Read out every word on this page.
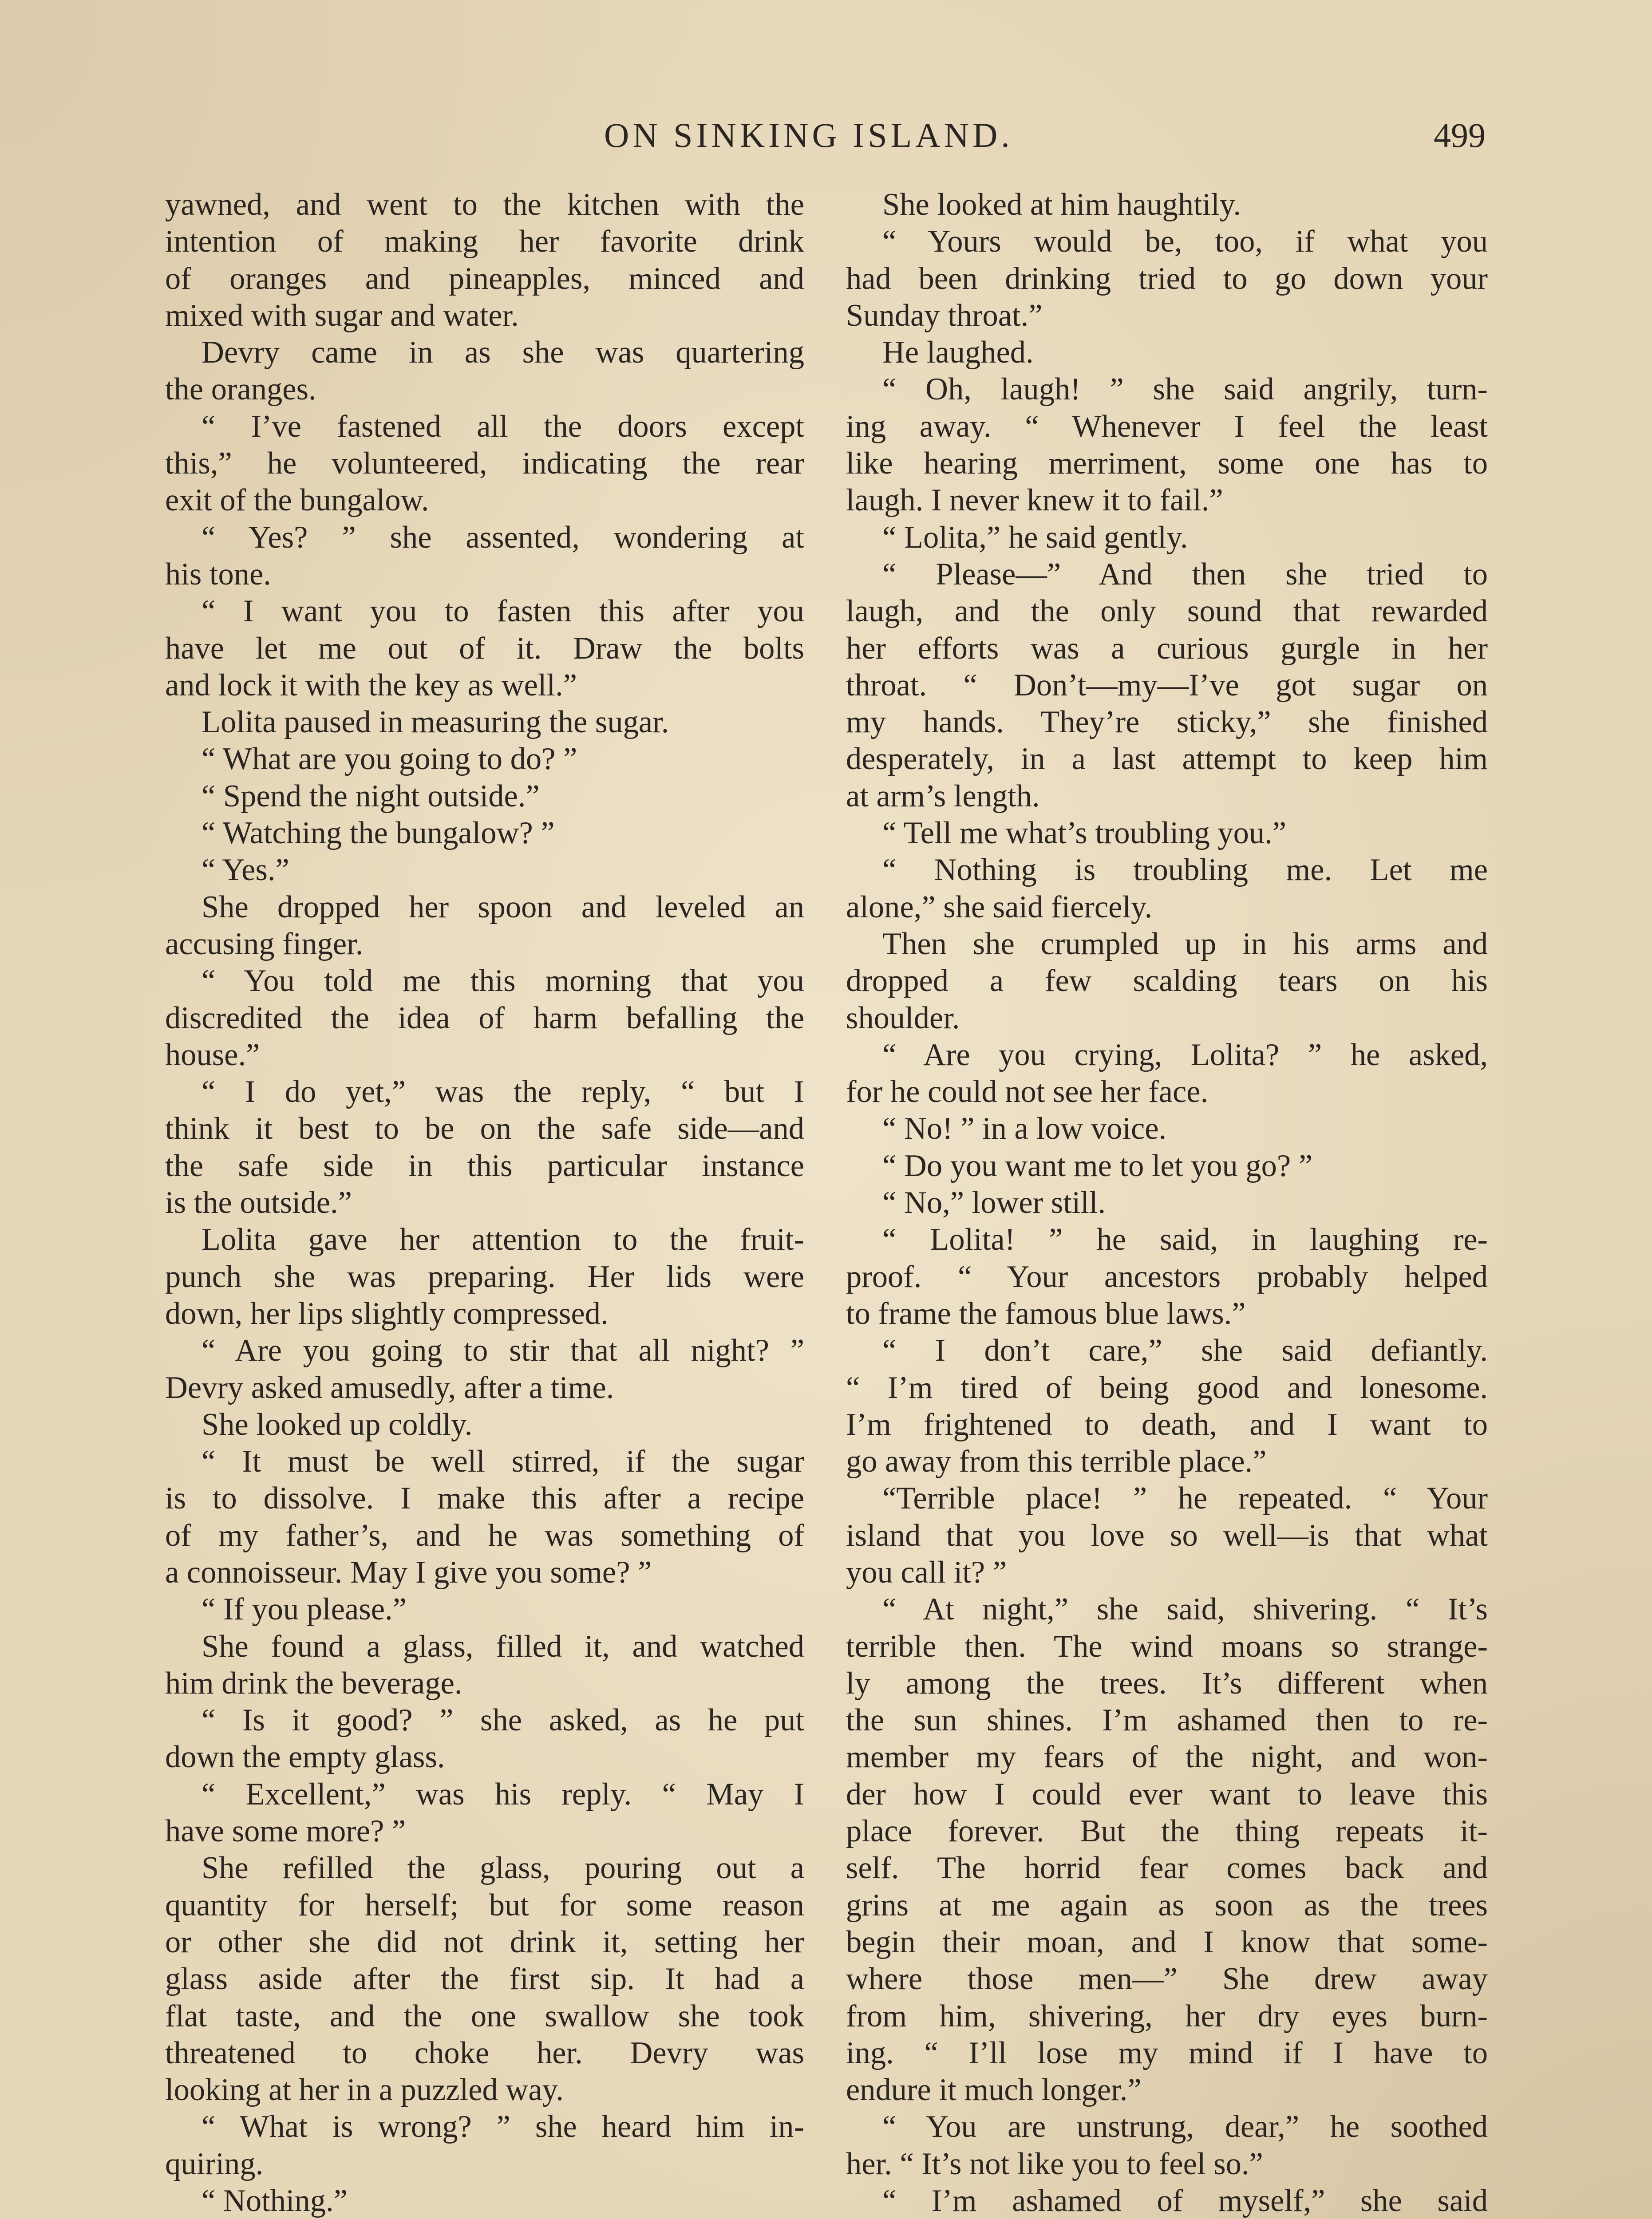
ON SINKING ISLAND.	499
yawned, and went to the kitchen with the
intention of making her favorite drink
of oranges and pineapples, minced and
mixed with sugar and water.
Devry came in as she was quartering
the oranges.
“ I’ve fastened all the doors except
this,” he volunteered, indicating the rear
exit of the bungalow.
“ Yes? ” she assented, wondering at
his tone.
“ I want you to fasten this after you
have let me out of it. Draw the bolts
and lock it with the key as well.”
Lolita paused in measuring the sugar.
“ What are you going to do? ”
“ Spend the night outside.”
“ Watching the bungalow? ”
“ Yes.”
She dropped her spoon and leveled an
accusing finger.
“ You told me this morning that you
discredited the idea of harm befalling the
house.”
“ I do yet,” was the reply, “ but I
think it best to be on the safe side—and
the safe side in this particular instance
is the outside.”
Lolita gave her attention to the fruit-
punch she was preparing. Her lids were
down, her lips slightly compressed.
“ Are you going to stir that all night? ”
Devry asked amusedly, after a time.
She looked up coldly.
“ It must be well stirred, if the sugar
is to dissolve. I make this after a recipe
of my father’s, and he was something of
a connoisseur. May I give you some? ”
“ If you please.”
She found a glass, filled it, and watched
him drink the beverage.
“ Is it good? ” she asked, as he put
down the empty glass.
“ Excellent,” was his reply. “ May I
have some more? ”
She refilled the glass, pouring out a
quantity for herself; but for some reason
or other she did not drink it, setting her
glass aside after the first sip. It had a
flat taste, and the one swallow she took
threatened to choke her. Devry was
looking at her in a puzzled way.
“ What is wrong? ” she heard him in-
quiring.
“ Nothing.”
She looked at him haughtily.
“ Yours would be, too, if what you
had been drinking tried to go down your
Sunday throat.”
He laughed.
“ Oh, laugh! ” she said angrily, turn-
ing away. “ Whenever I feel the least
like hearing merriment, some one has to
laugh. I never knew it to fail.”
“ Lolita,” he said gently.
“ Please—” And then she tried to
laugh, and the only sound that rewarded
her efforts was a curious gurgle in her
throat. “ Don’t—my—I’ve got sugar on
my hands. They’re sticky,” she finished
desperately, in a last attempt to keep him
at arm’s length.
“ Tell me what’s troubling you.”
“ Nothing is troubling me. Let me
alone,” she said fiercely.
Then she crumpled up in his arms and
dropped a few scalding tears on his
shoulder.
“ Are you crying, Lolita? ” he asked,
for he could not see her face.
“ No! ” in a low voice.
“ Do you want me to let you go? ”
“ No,” lower still.
“ Lolita! ” he said, in laughing re-
proof. “ Your ancestors probably helped
to frame the famous blue laws.”
“ I don’t care,” she said defiantly.
“ I’m tired of being good and lonesome.
I’m frightened to death, and I want to
go away from this terrible place.”
“Terrible place! ” he repeated. “ Your
island that you love so well—is that what
you call it? ”
“ At night,” she said, shivering. “ It’s
terrible then. The wind moans so strange-
ly among the trees. It’s different when
the sun shines. I’m ashamed then to re-
member my fears of the night, and won-
der how I could ever want to leave this
place forever. But the thing repeats it-
self. The horrid fear comes back and
grins at me again as soon as the trees
begin their moan, and I know that some-
where those men—” She drew away
from him, shivering, her dry eyes burn-
ing. “ I’ll lose my mind if I have to
endure it much longer.”
“ You are unstrung, dear,” he soothed
her. “ It’s not like you to feel so.”
“ I’m ashamed of myself,” she said
